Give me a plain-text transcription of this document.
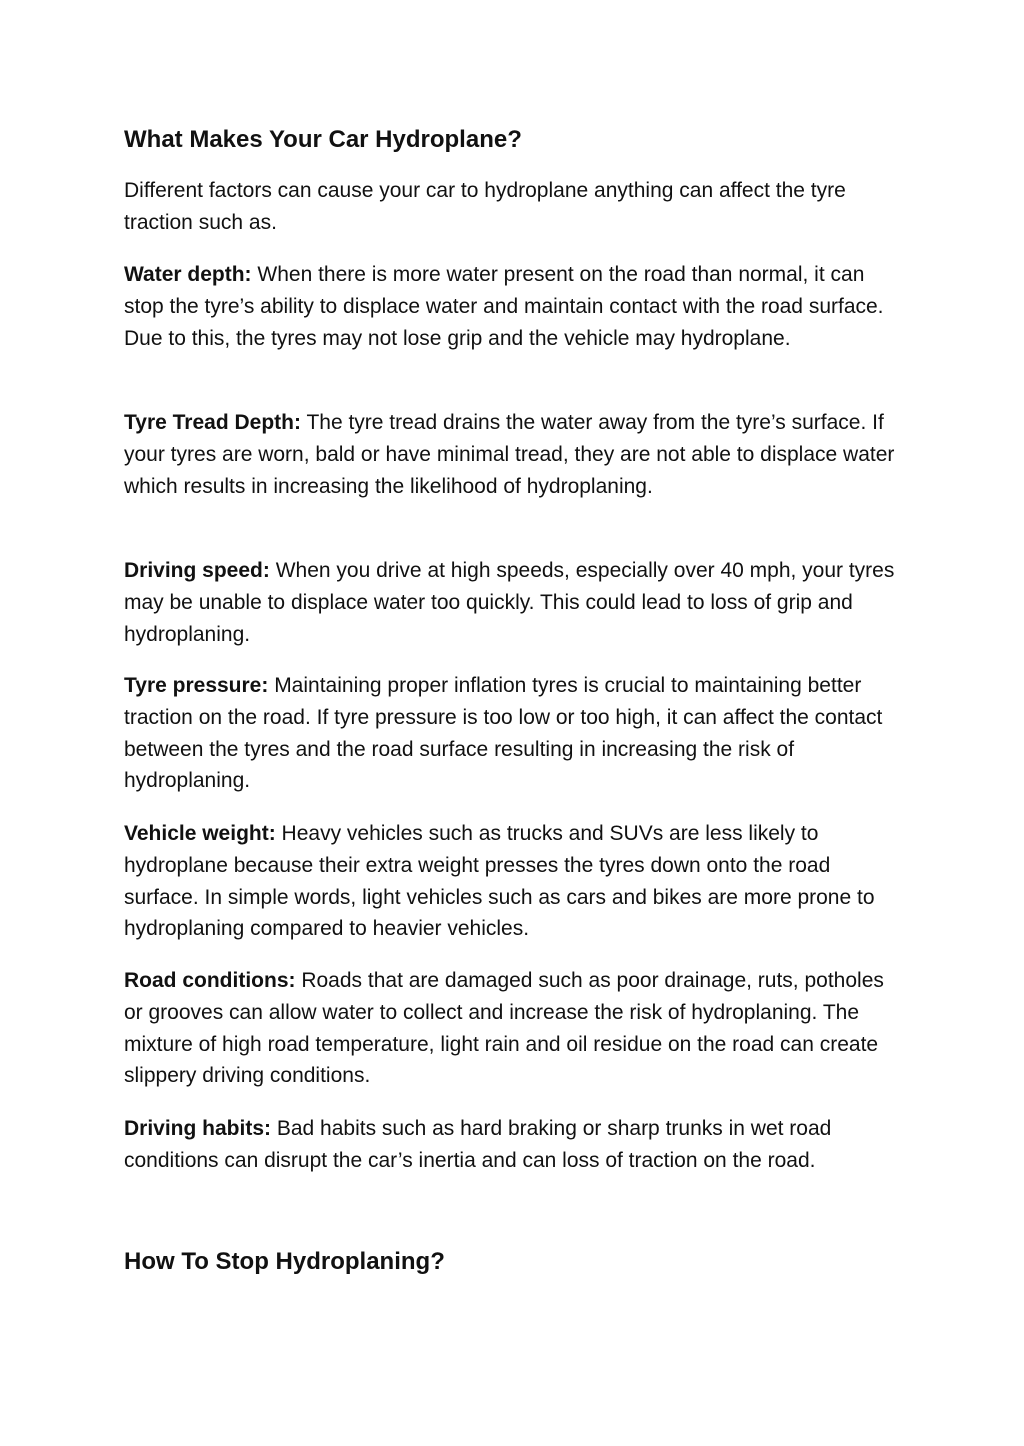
What Makes Your Car Hydroplane?

Different factors can cause your car to hydroplane anything can affect the tyre traction such as.

Water depth: When there is more water present on the road than normal, it can stop the tyre’s ability to displace water and maintain contact with the road surface. Due to this, the tyres may not lose grip and the vehicle may hydroplane.

Tyre Tread Depth: The tyre tread drains the water away from the tyre’s surface. If your tyres are worn, bald or have minimal tread, they are not able to displace water which results in increasing the likelihood of hydroplaning.

Driving speed: When you drive at high speeds, especially over 40 mph, your tyres may be unable to displace water too quickly. This could lead to loss of grip and hydroplaning.

Tyre pressure: Maintaining proper inflation tyres is crucial to maintaining better traction on the road. If tyre pressure is too low or too high, it can affect the contact between the tyres and the road surface resulting in increasing the risk of hydroplaning.

Vehicle weight: Heavy vehicles such as trucks and SUVs are less likely to hydroplane because their extra weight presses the tyres down onto the road surface. In simple words, light vehicles such as cars and bikes are more prone to hydroplaning compared to heavier vehicles.

Road conditions: Roads that are damaged such as poor drainage, ruts, potholes or grooves can allow water to collect and increase the risk of hydroplaning. The mixture of high road temperature, light rain and oil residue on the road can create slippery driving conditions.

Driving habits: Bad habits such as hard braking or sharp trunks in wet road conditions can disrupt the car’s inertia and can loss of traction on the road.

How To Stop Hydroplaning?
